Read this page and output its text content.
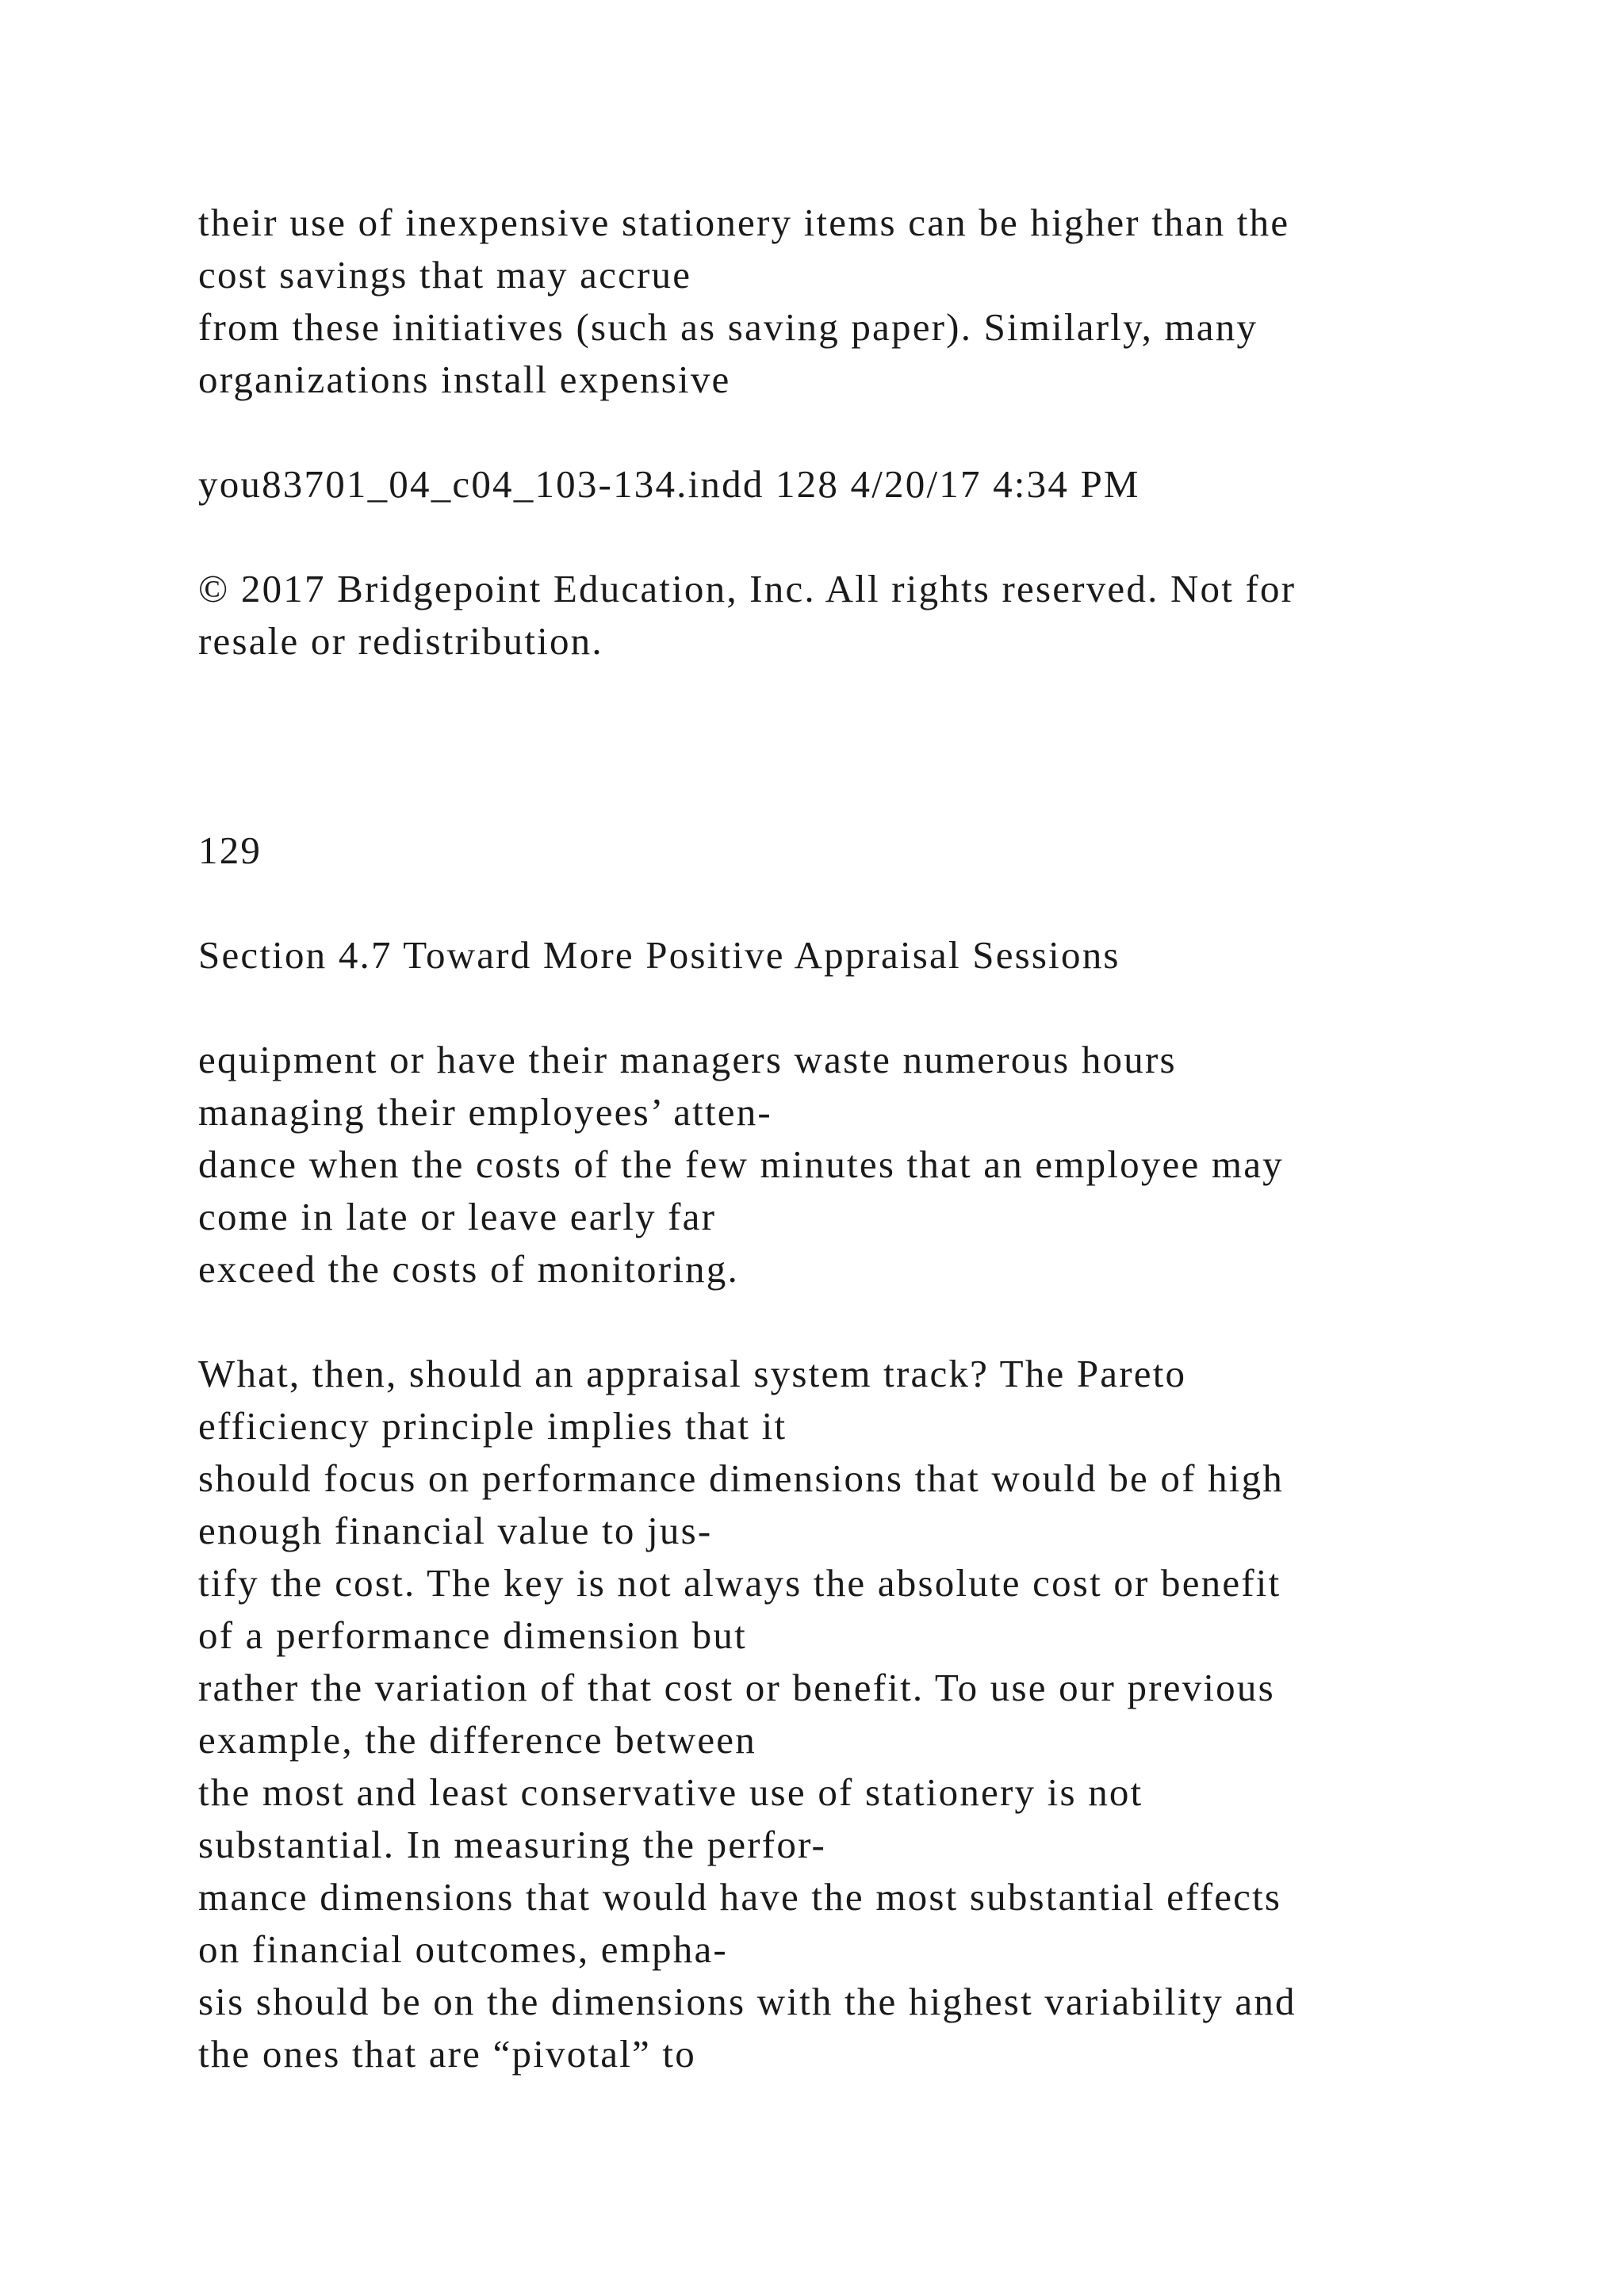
their use of inexpensive stationery items can be higher than the
cost savings that may accrue
from these initiatives (such as saving paper). Similarly, many
organizations install expensive

you83701_04_c04_103-134.indd 128 4/20/17 4:34 PM

© 2017 Bridgepoint Education, Inc. All rights reserved. Not for
resale or redistribution.

129

Section 4.7 Toward More Positive Appraisal Sessions

equipment or have their managers waste numerous hours
managing their employees’ atten-
dance when the costs of the few minutes that an employee may
come in late or leave early far
exceed the costs of monitoring.

What, then, should an appraisal system track? The Pareto
efficiency principle implies that it
should focus on performance dimensions that would be of high
enough financial value to jus-
tify the cost. The key is not always the absolute cost or benefit
of a performance dimension but
rather the variation of that cost or benefit. To use our previous
example, the difference between
the most and least conservative use of stationery is not
substantial. In measuring the perfor-
mance dimensions that would have the most substantial effects
on financial outcomes, empha-
sis should be on the dimensions with the highest variability and
the ones that are “pivotal” to
